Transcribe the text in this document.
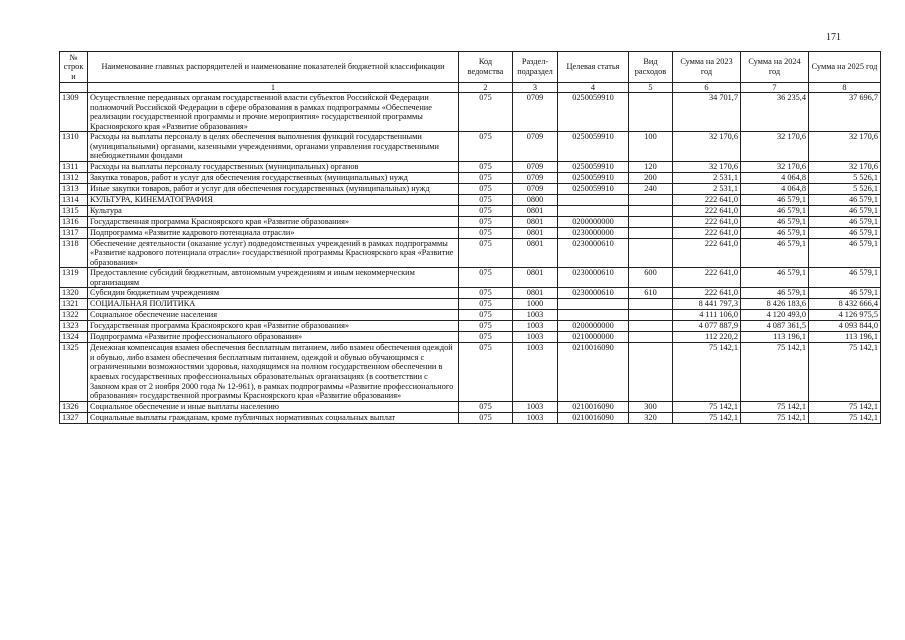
171
№ строки	Наименование главных распорядителей и наименование показателей бюджетной классификации	Код ведомства	Раздел-подраздел	Целевая статья	Вид расходов	Сумма на 2023 год	Сумма на 2024 год	Сумма на 2025 год
	1	2	3	4	5	6	7	8
1309	Осуществление переданных органам государственной власти субъектов Российской Федерации полномочий Российской Федерации в сфере образования в рамках подпрограммы «Обеспечение реализации государственной программы и прочие мероприятия» государственной программы Красноярского края «Развитие образования»	075	0709	0250059910		34 701,7	36 235,4	37 696,7
1310	Расходы на выплаты персоналу в целях обеспечения выполнения функций государственными (муниципальными) органами, казенными учреждениями, органами управления государственными внебюджетными фондами	075	0709	0250059910	100	32 170,6	32 170,6	32 170,6
1311	Расходы на выплаты персоналу государственных (муниципальных) органов	075	0709	0250059910	120	32 170,6	32 170,6	32 170,6
1312	Закупка товаров, работ и услуг для обеспечения государственных (муниципальных) нужд	075	0709	0250059910	200	2 531,1	4 064,8	5 526,1
1313	Иные закупки товаров, работ и услуг для обеспечения государственных (муниципальных) нужд	075	0709	0250059910	240	2 531,1	4 064,8	5 526,1
1314	КУЛЬТУРА, КИНЕМАТОГРАФИЯ	075	0800			222 641,0	46 579,1	46 579,1
1315	Культура	075	0801			222 641,0	46 579,1	46 579,1
1316	Государственная программа Красноярского края «Развитие образования»	075	0801	0200000000		222 641,0	46 579,1	46 579,1
1317	Подпрограмма «Развитие кадрового потенциала отрасли»	075	0801	0230000000		222 641,0	46 579,1	46 579,1
1318	Обеспечение деятельности (оказание услуг) подведомственных учреждений в рамках подпрограммы «Развитие кадрового потенциала отрасли» государственной программы Красноярского края «Развитие образования»	075	0801	0230000610		222 641,0	46 579,1	46 579,1
1319	Предоставление субсидий бюджетным, автономным учреждениям и иным некоммерческим организациям	075	0801	0230000610	600	222 641,0	46 579,1	46 579,1
1320	Субсидии бюджетным учреждениям	075	0801	0230000610	610	222 641,0	46 579,1	46 579,1
1321	СОЦИАЛЬНАЯ ПОЛИТИКА	075	1000			8 441 797,3	8 426 183,6	8 432 666,4
1322	Социальное обеспечение населения	075	1003			4 111 106,0	4 120 493,0	4 126 975,5
1323	Государственная программа Красноярского края «Развитие образования»	075	1003	0200000000		4 077 887,9	4 087 361,5	4 093 844,0
1324	Подпрограмма «Развитие профессионального образования»	075	1003	0210000000		112 220,2	113 196,1	113 196,1
1325	Денежная компенсация взамен обеспечения бесплатным питанием, либо взамен обеспечения одеждой и обувью, либо взамен обеспечения бесплатным питанием, одеждой и обувью обучающимся с ограниченными возможностями здоровья, находящимся на полном государственном обеспечении в краевых государственных профессиональных образовательных организациях (в соответствии с Законом края от 2 ноября 2000 года № 12-961), в рамках подпрограммы «Развитие профессионального образования» государственной программы Красноярского края «Развитие образования»	075	1003	0210016090		75 142,1	75 142,1	75 142,1
1326	Социальное обеспечение и иные выплаты населению	075	1003	0210016090	300	75 142,1	75 142,1	75 142,1
1327	Социальные выплаты гражданам, кроме публичных нормативных социальных выплат	075	1003	0210016090	320	75 142,1	75 142,1	75 142,1
